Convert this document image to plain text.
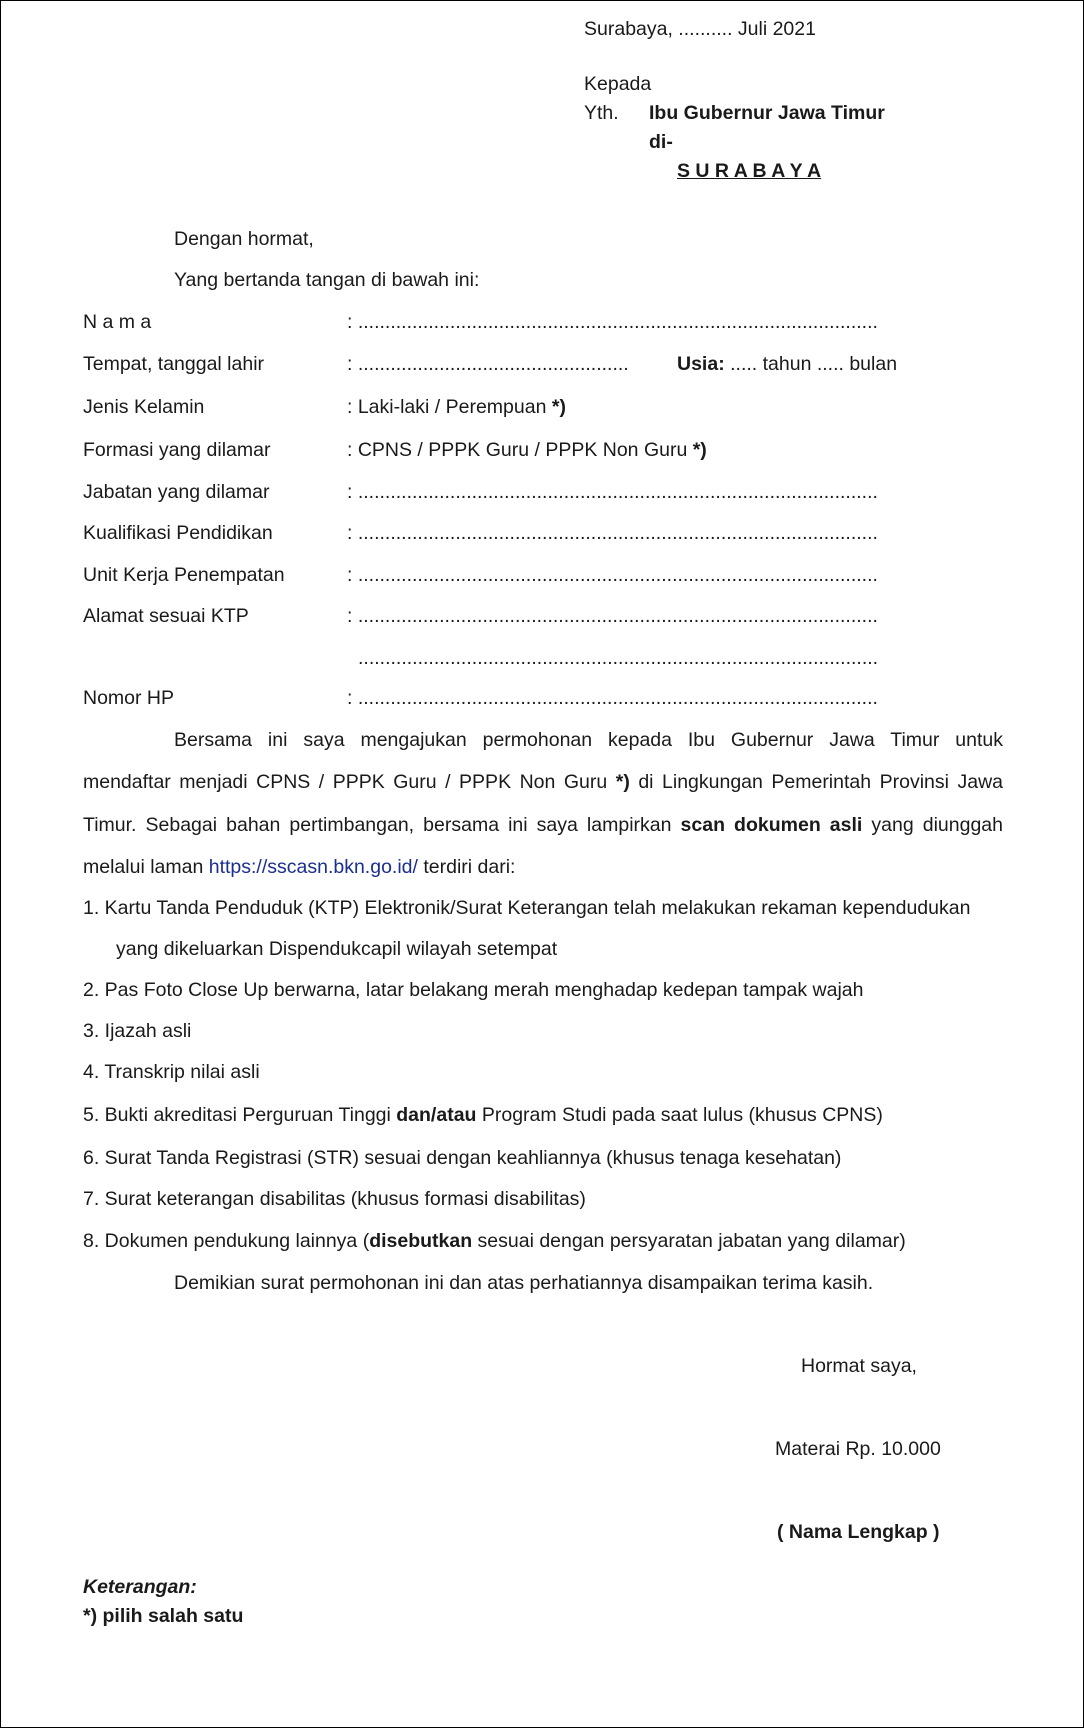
Surabaya, .......... Juli 2021
Kepada
Yth. Ibu Gubernur Jawa Timur
di-
S U R A B A Y A
Dengan hormat,
Yang bertanda tangan di bawah ini:
N a m a	: ................................................................................................
Tempat, tanggal lahir	: .................................................. Usia: ..... tahun ..... bulan
Jenis Kelamin	: Laki-laki / Perempuan *)
Formasi yang dilamar	: CPNS / PPPK Guru / PPPK Non Guru *)
Jabatan yang dilamar	: ................................................................................................
Kualifikasi Pendidikan	: ................................................................................................
Unit Kerja Penempatan	: ................................................................................................
Alamat sesuai KTP	: ................................................................................................
................................................................................................
Nomor HP	: ................................................................................................
Bersama ini saya mengajukan permohonan kepada Ibu Gubernur Jawa Timur untuk
mendaftar menjadi CPNS / PPPK Guru / PPPK Non Guru *) di Lingkungan Pemerintah Provinsi Jawa
Timur. Sebagai bahan pertimbangan, bersama ini saya lampirkan scan dokumen asli yang diunggah
melalui laman https://sscasn.bkn.go.id/ terdiri dari:
1. Kartu Tanda Penduduk (KTP) Elektronik/Surat Keterangan telah melakukan rekaman kependudukan
yang dikeluarkan Dispendukcapil wilayah setempat
2. Pas Foto Close Up berwarna, latar belakang merah menghadap kedepan tampak wajah
3. Ijazah asli
4. Transkrip nilai asli
5. Bukti akreditasi Perguruan Tinggi dan/atau Program Studi pada saat lulus (khusus CPNS)
6. Surat Tanda Registrasi (STR) sesuai dengan keahliannya (khusus tenaga kesehatan)
7. Surat keterangan disabilitas (khusus formasi disabilitas)
8. Dokumen pendukung lainnya (disebutkan sesuai dengan persyaratan jabatan yang dilamar)
Demikian surat permohonan ini dan atas perhatiannya disampaikan terima kasih.
Hormat saya,
Materai Rp. 10.000
( Nama Lengkap )
Keterangan:
*) pilih salah satu
